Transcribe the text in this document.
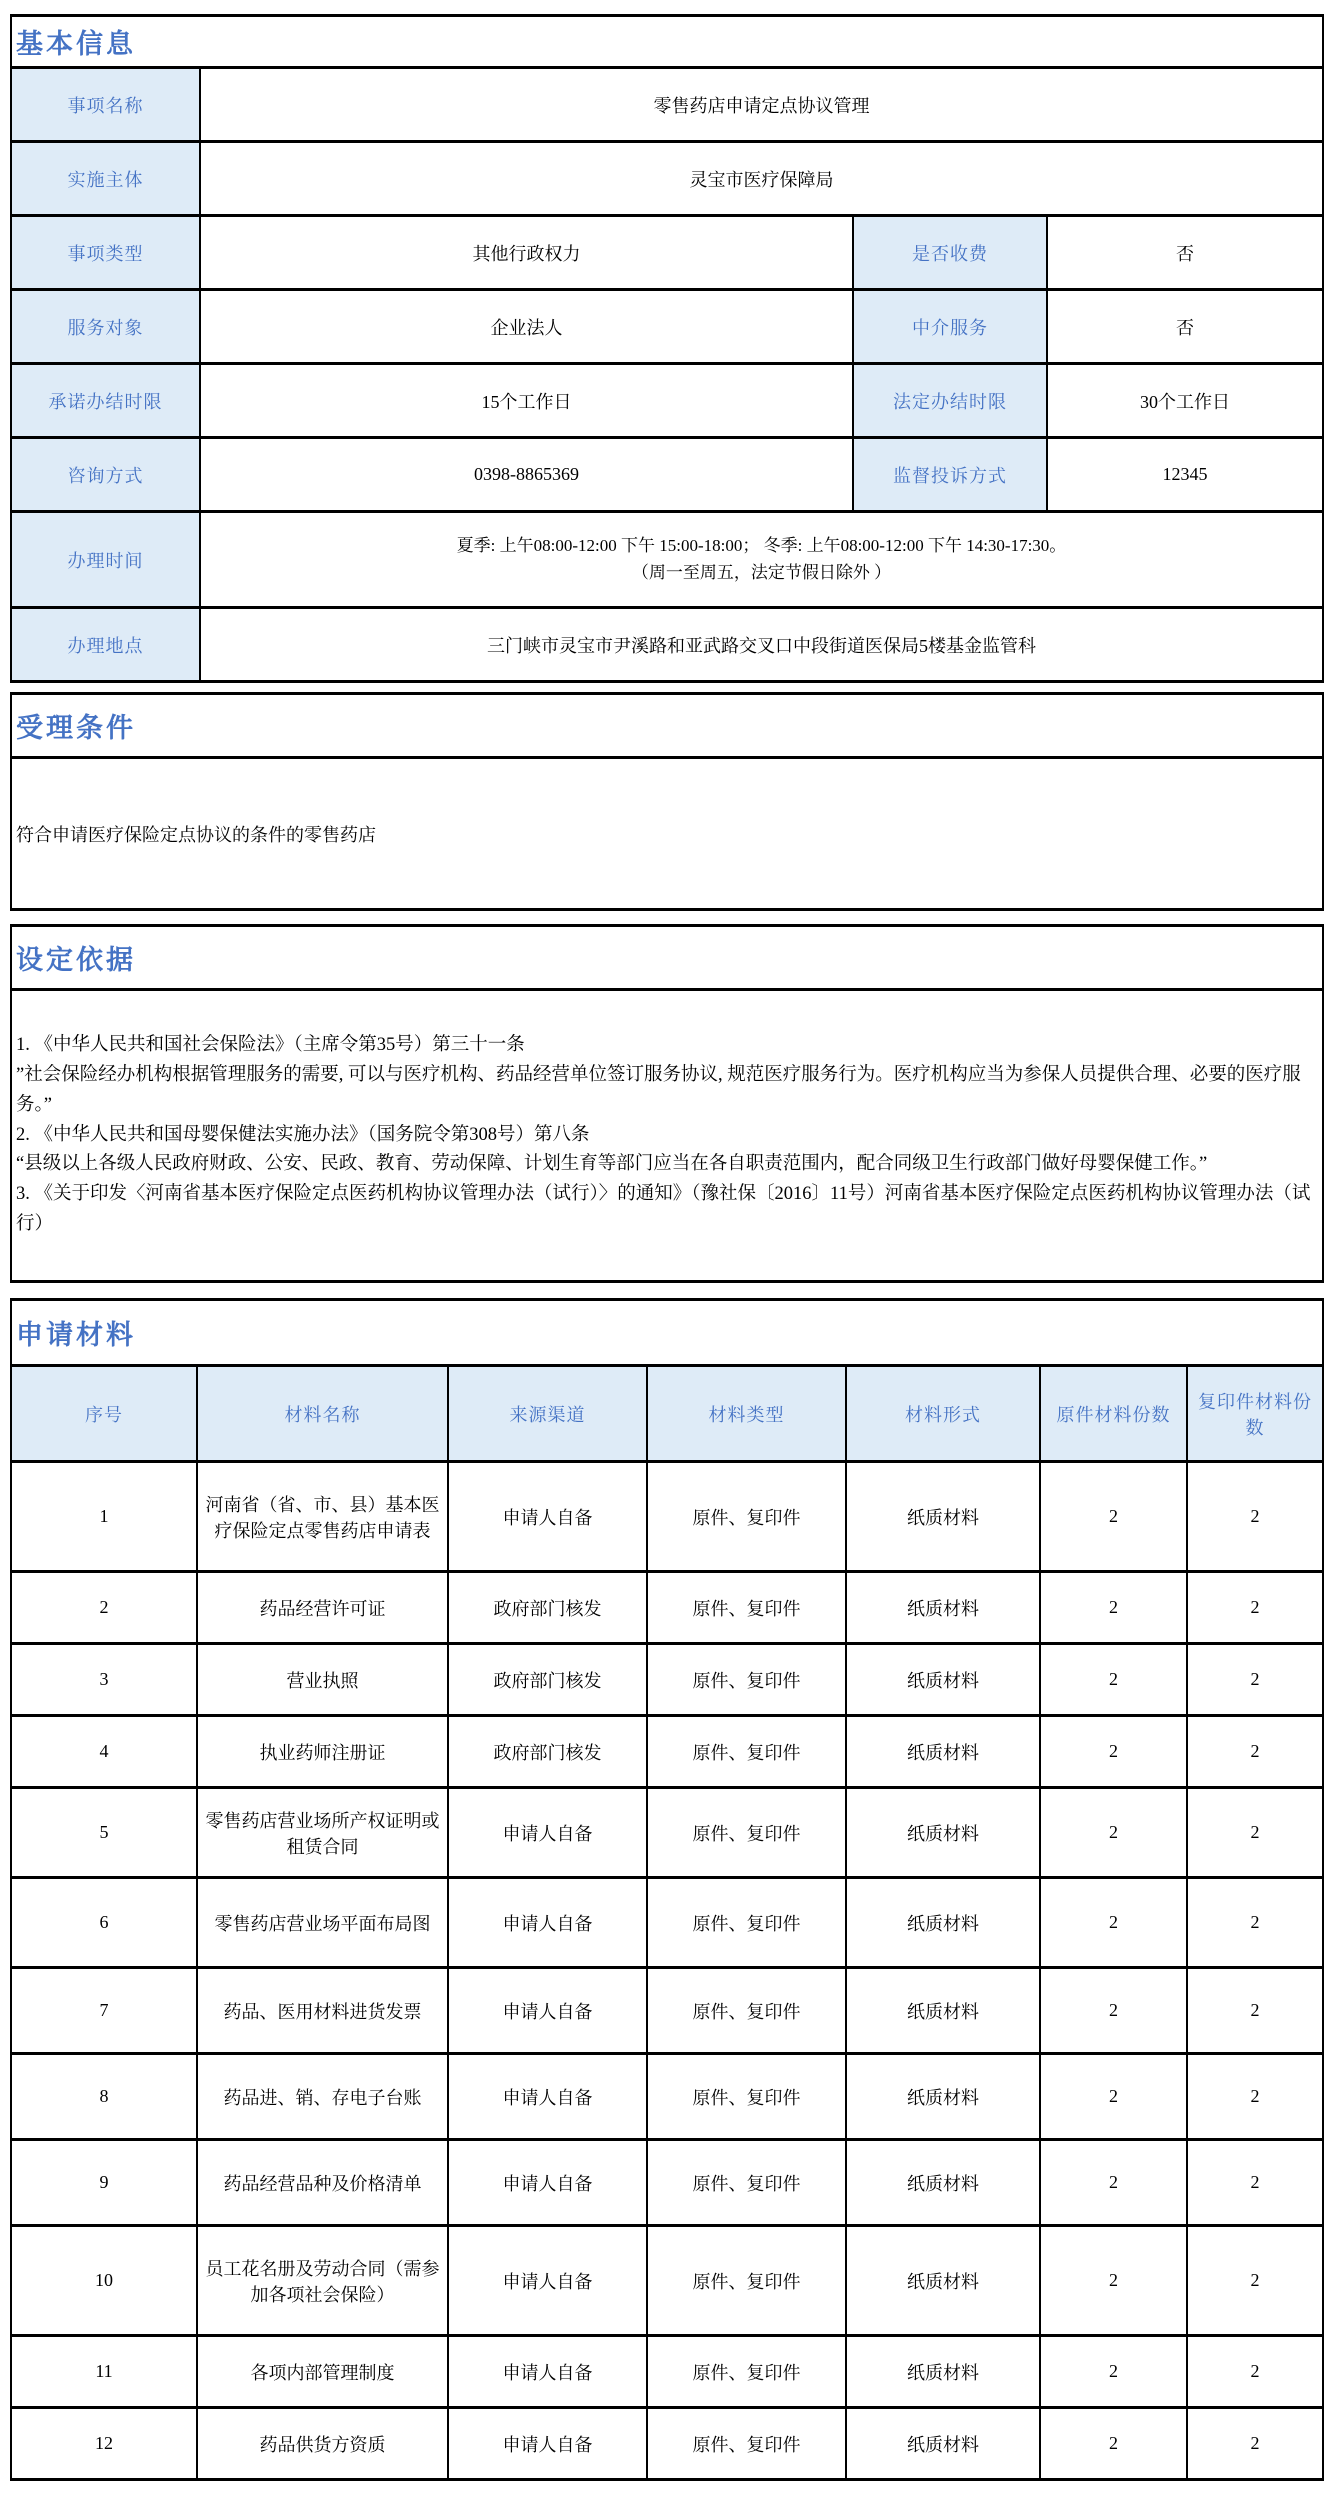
基本信息			
事项名称	零售药店申请定点协议管理		
实施主体	灵宝市医疗保障局		
事项类型	其他行政权力	是否收费	否
服务对象	企业法人	中介服务	否
承诺办结时限	15个工作日	法定办结时限	30个工作日
咨询方式	0398-8865369	监督投诉方式	12345
办理时间	夏季: 上午08:00-12:00 下午 15:00-18:00； 冬季: 上午08:00-12:00 下午 14:30-17:30。
（周一至周五，法定节假日除外 ）		

办理地点	三门峡市灵宝市尹溪路和亚武路交叉口中段街道医保局5楼基金监管科		
受理条件
符合申请医疗保险定点协议的条件的零售药店
设定依据

1. 《中华人民共和国社会保险法》（主席令第35号）第三十一条

”社会保险经办机构根据管理服务的需要, 可以与医疗机构、药品经营单位签订服务协议, 规范医疗服务行为。医疗机构应当为参保人员提供合理、必要的医疗服务。”

2. 《中华人民共和国母婴保健法实施办法》（国务院令第308号）第八条

“县级以上各级人民政府财政、公安、民政、教育、劳动保障、计划生育等部门应当在各自职责范围内，配合同级卫生行政部门做好母婴保健工作。”

3. 《关于印发〈河南省基本医疗保险定点医药机构协议管理办法（试行）〉的通知》（豫社保〔2016〕11号）河南省基本医疗保险定点医药机构协议管理办法（试行）

申请材料						
序号	材料名称	来源渠道	材料类型	材料形式	原件材料份数	复印件材料份数
1	河南省（省、市、县）基本医疗保险定点零售药店申请表	申请人自备	原件、复印件	纸质材料	2	2
2	药品经营许可证	政府部门核发	原件、复印件	纸质材料	2	2
3	营业执照	政府部门核发	原件、复印件	纸质材料	2	2
4	执业药师注册证	政府部门核发	原件、复印件	纸质材料	2	2
5	零售药店营业场所产权证明或租赁合同	申请人自备	原件、复印件	纸质材料	2	2
6	零售药店营业场平面布局图	申请人自备	原件、复印件	纸质材料	2	2
7	药品、医用材料进货发票	申请人自备	原件、复印件	纸质材料	2	2
8	药品进、销、存电子台账	申请人自备	原件、复印件	纸质材料	2	2
9	药品经营品种及价格清单	申请人自备	原件、复印件	纸质材料	2	2
10	员工花名册及劳动合同（需参加各项社会保险）	申请人自备	原件、复印件	纸质材料	2	2
11	各项内部管理制度	申请人自备	原件、复印件	纸质材料	2	2
12	药品供货方资质	申请人自备	原件、复印件	纸质材料	2	2
